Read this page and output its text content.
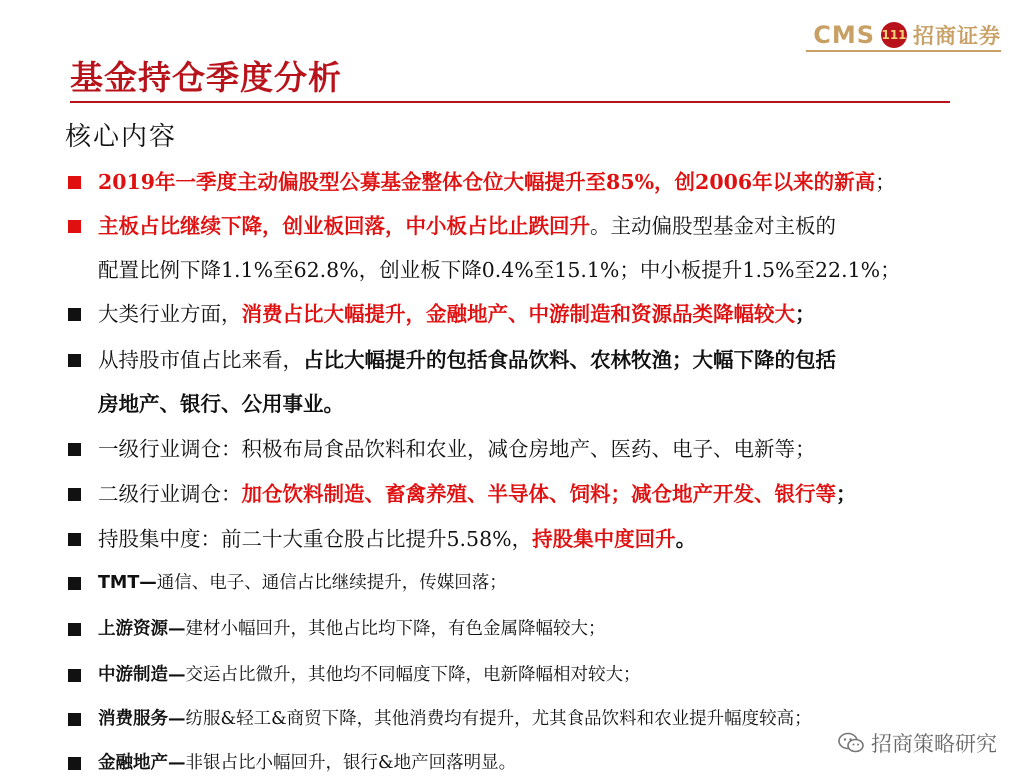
CMS 111 招商证券
基金持仓季度分析
核心内容
2019年一季度主动偏股型公募基金整体仓位大幅提升至85%，创2006年以来的新高；
主板占比继续下降，创业板回落，中小板占比止跌回升。主动偏股型基金对主板的
配置比例下降1.1%至62.8%，创业板下降0.4%至15.1%；中小板提升1.5%至22.1%；
大类行业方面，消费占比大幅提升，金融地产、中游制造和资源品类降幅较大；
从持股市值占比来看，占比大幅提升的包括食品饮料、农林牧渔；大幅下降的包括
房地产、银行、公用事业。
一级行业调仓：积极布局食品饮料和农业，减仓房地产、医药、电子、电新等；
二级行业调仓：加仓饮料制造、畜禽养殖、半导体、饲料；减仓地产开发、银行等；
持股集中度：前二十大重仓股占比提升5.58%，持股集中度回升。
TMT—通信、电子、通信占比继续提升，传媒回落；
上游资源—建材小幅回升，其他占比均下降，有色金属降幅较大；
中游制造—交运占比微升，其他均不同幅度下降，电新降幅相对较大；
消费服务—纺服&轻工&商贸下降，其他消费均有提升，尤其食品饮料和农业提升幅度较高；
金融地产—非银占比小幅回升，银行&地产回落明显。
招商策略研究
